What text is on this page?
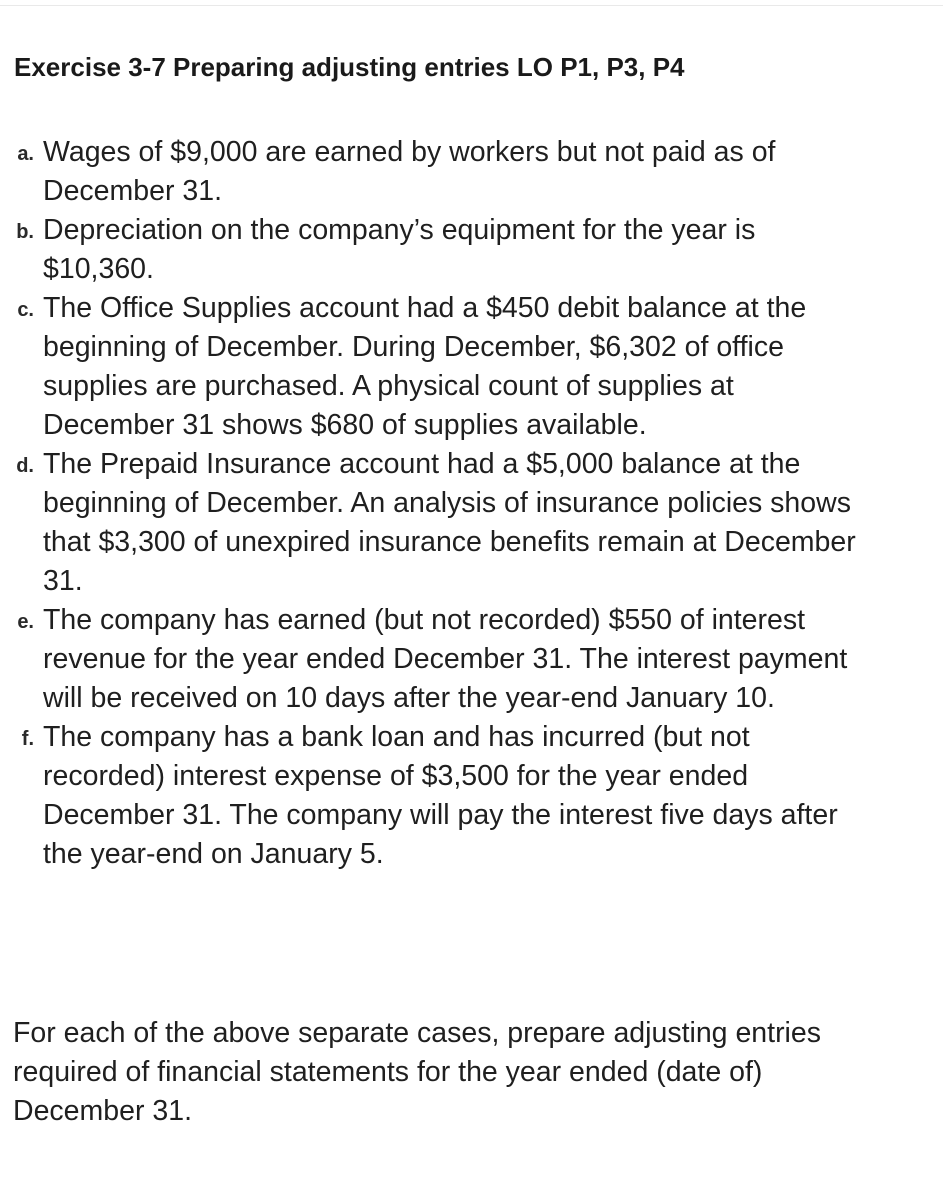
Exercise 3-7 Preparing adjusting entries LO P1, P3, P4
a. Wages of $9,000 are earned by workers but not paid as of December 31.
b. Depreciation on the company’s equipment for the year is $10,360.
c. The Office Supplies account had a $450 debit balance at the beginning of December. During December, $6,302 of office supplies are purchased. A physical count of supplies at December 31 shows $680 of supplies available.
d. The Prepaid Insurance account had a $5,000 balance at the beginning of December. An analysis of insurance policies shows that $3,300 of unexpired insurance benefits remain at December 31.
e. The company has earned (but not recorded) $550 of interest revenue for the year ended December 31. The interest payment will be received on 10 days after the year-end January 10.
f. The company has a bank loan and has incurred (but not recorded) interest expense of $3,500 for the year ended December 31. The company will pay the interest five days after the year-end on January 5.

For each of the above separate cases, prepare adjusting entries required of financial statements for the year ended (date of) December 31.
